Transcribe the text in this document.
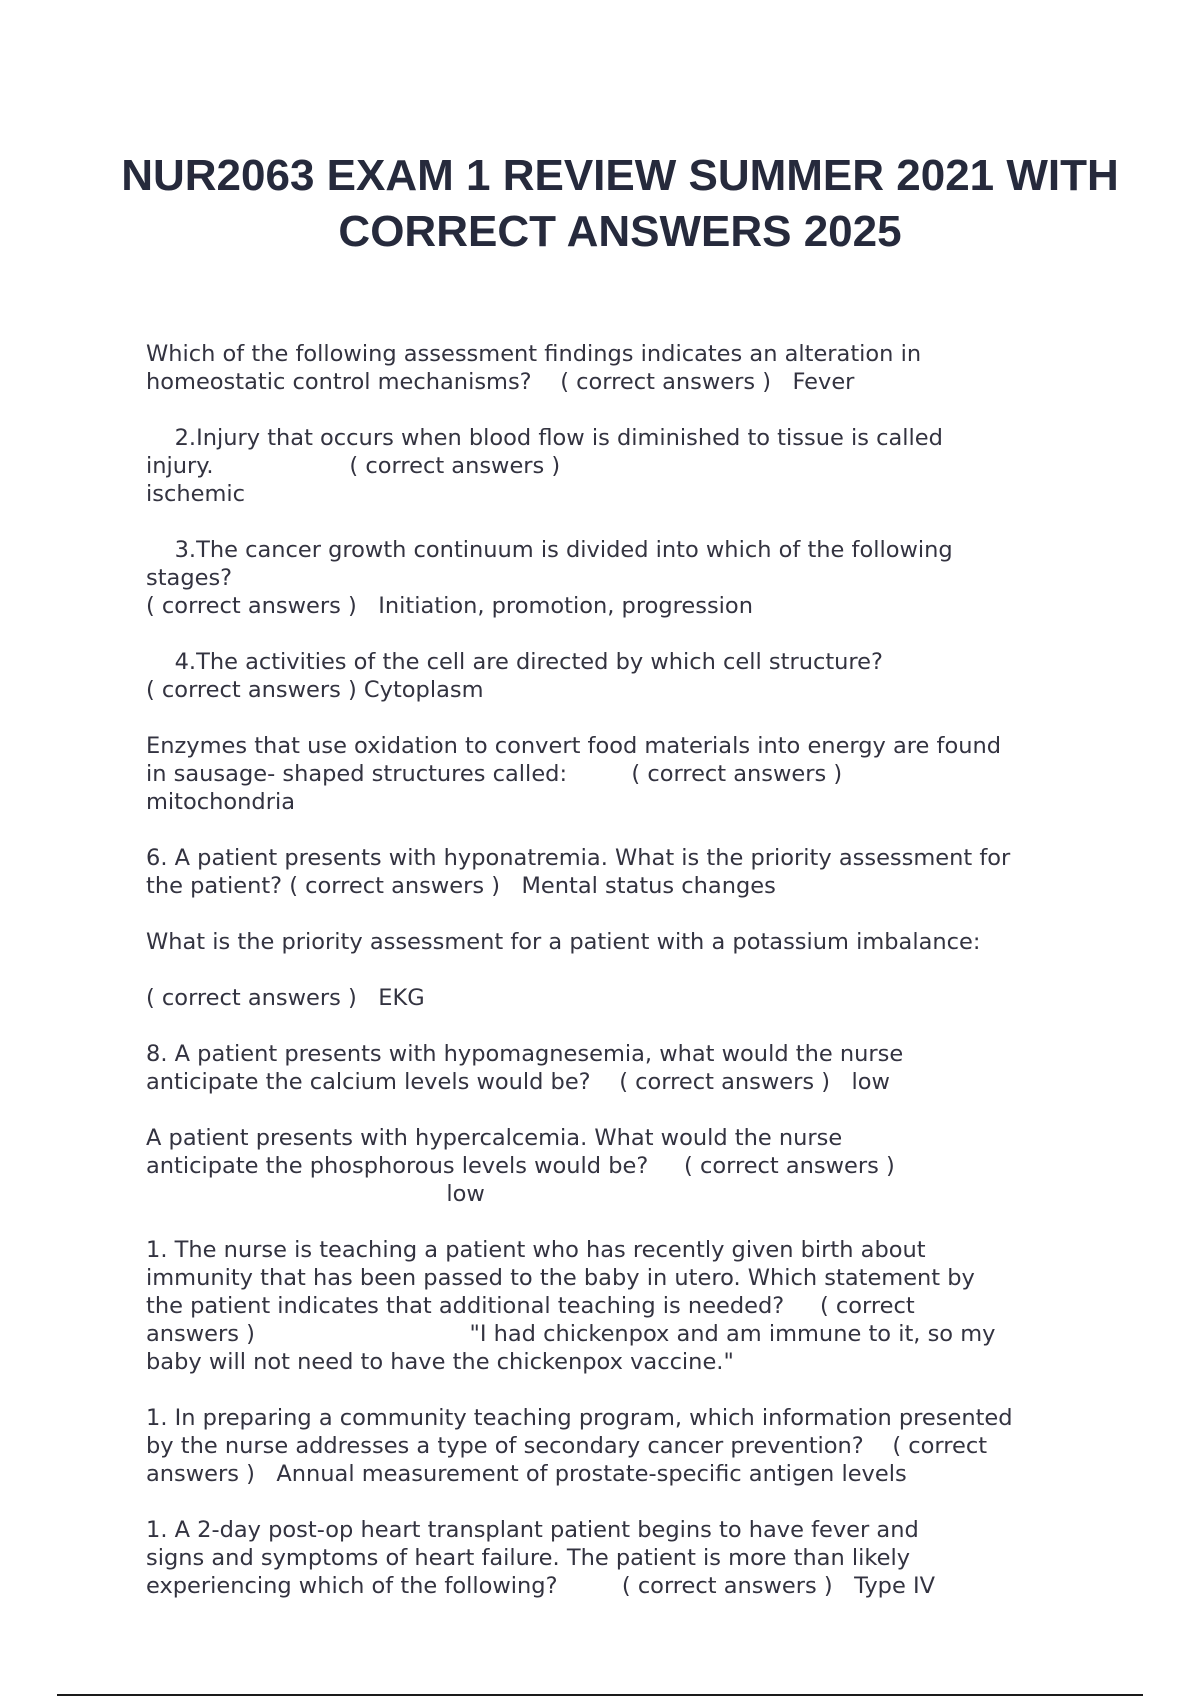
NUR2063 EXAM 1 REVIEW SUMMER 2021 WITH CORRECT ANSWERS 2025

Which of the following assessment findings indicates an alteration in
homeostatic control mechanisms?    ( correct answers )   Fever

2.Injury that occurs when blood flow is diminished to tissue is called
injury.                   ( correct answers )
ischemic

3.The cancer growth continuum is divided into which of the following
stages?
( correct answers )   Initiation, promotion, progression

4.The activities of the cell are directed by which cell structure?
( correct answers ) Cytoplasm

Enzymes that use oxidation to convert food materials into energy are found
in sausage- shaped structures called:         ( correct answers )
mitochondria

6. A patient presents with hyponatremia. What is the priority assessment for
the patient? ( correct answers )   Mental status changes

What is the priority assessment for a patient with a potassium imbalance:

( correct answers )   EKG

8. A patient presents with hypomagnesemia, what would the nurse
anticipate the calcium levels would be?    ( correct answers )   low

A patient presents with hypercalcemia. What would the nurse
anticipate the phosphorous levels would be?     ( correct answers )
low

1. The nurse is teaching a patient who has recently given birth about
immunity that has been passed to the baby in utero. Which statement by
the patient indicates that additional teaching is needed?     ( correct
answers )                              "I had chickenpox and am immune to it, so my
baby will not need to have the chickenpox vaccine."

1. In preparing a community teaching program, which information presented
by the nurse addresses a type of secondary cancer prevention?    ( correct
answers )   Annual measurement of prostate-specific antigen levels

1. A 2-day post-op heart transplant patient begins to have fever and
signs and symptoms of heart failure. The patient is more than likely
experiencing which of the following?         ( correct answers )   Type IV
